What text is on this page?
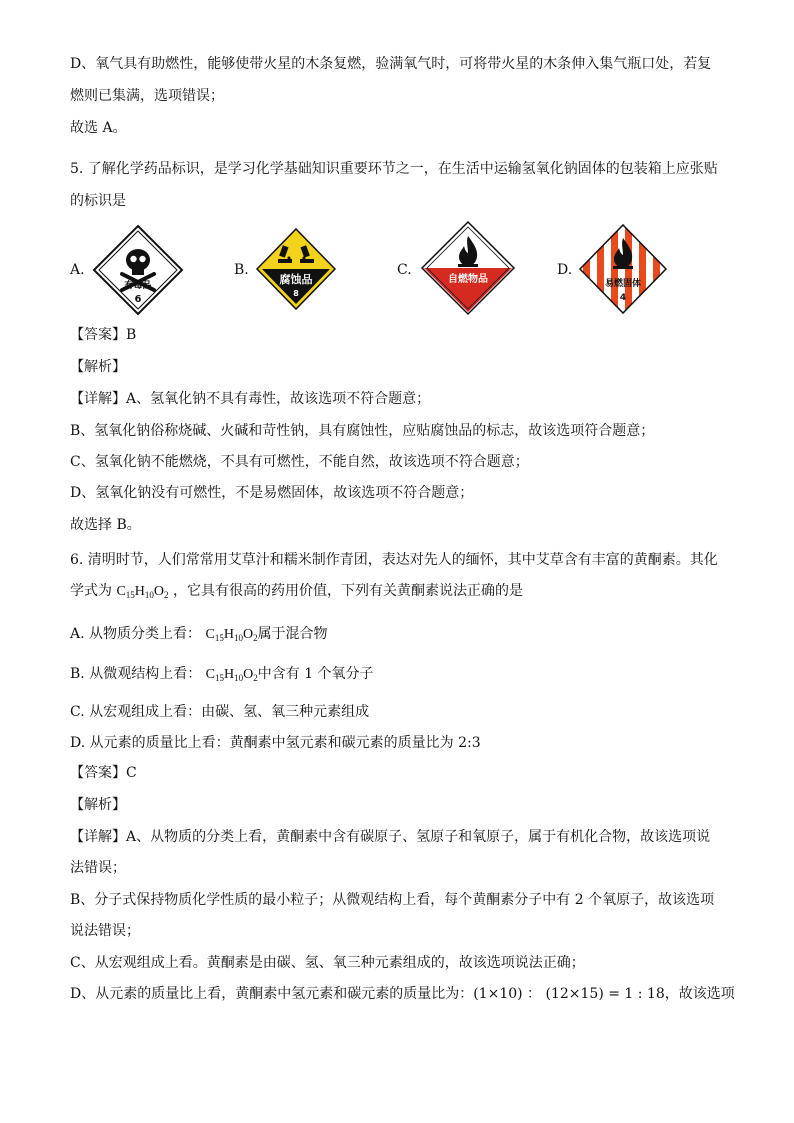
D、氧气具有助燃性，能够使带火星的木条复燃，验满氧气时，可将带火星的木条伸入集气瓶口处，若复
燃则已集满，选项错误；
故选 A。
5. 了解化学药品标识，是学习化学基础知识重要环节之一，在生活中运输氢氧化钠固体的包装箱上应张贴
的标识是
A.
有毒品
6
B.
腐蚀品
8
C.
自燃物品
D.
易燃固体
4
【答案】B
【解析】
【详解】A、氢氧化钠不具有毒性，故该选项不符合题意；
B、氢氧化钠俗称烧碱、火碱和苛性钠，具有腐蚀性，应贴腐蚀品的标志，故该选项符合题意；
C、氢氧化钠不能燃烧，不具有可燃性，不能自然，故该选项不符合题意；
D、氢氧化钠没有可燃性，不是易燃固体，故该选项不符合题意；
故选择 B。
6. 清明时节，人们常常用艾草汁和糯米制作青团，表达对先人的缅怀，其中艾草含有丰富的黄酮素。其化
学式为 $C_{15}H_{10}O_2$ ，它具有很高的药用价值，下列有关黄酮素说法正确的是
A. 从物质分类上看： $C_{15}H_{10}O_2$属于混合物
B. 从微观结构上看： $C_{15}H_{10}O_2$中含有 1 个氧分子
C. 从宏观组成上看：由碳、氢、氧三种元素组成
D. 从元素的质量比上看：黄酮素中氢元素和碳元素的质量比为 2:3
【答案】C
【解析】
【详解】A、从物质的分类上看，黄酮素中含有碳原子、氢原子和氧原子，属于有机化合物，故该选项说
法错误；
B、分子式保持物质化学性质的最小粒子；从微观结构上看，每个黄酮素分子中有 2 个氧原子，故该选项
说法错误；
C、从宏观组成上看。黄酮素是由碳、氢、氧三种元素组成的，故该选项说法正确；
D、从元素的质量比上看，黄酮素中氢元素和碳元素的质量比为：(1×10) ： (12×15) = 1 : 18，故该选项
